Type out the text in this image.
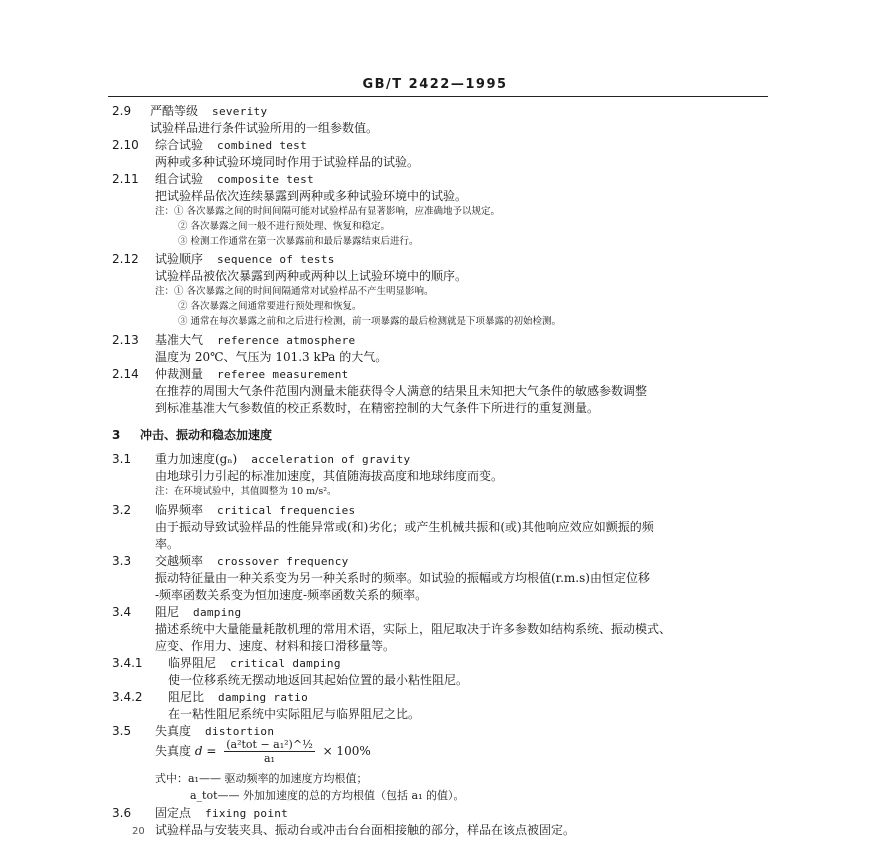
GB/T 2422—1995
2.9 严酷等级 severity
试验样品进行条件试验所用的一组参数值。
2.10 综合试验 combined test
两种或多种试验环境同时作用于试验样品的试验。
2.11 组合试验 composite test
把试验样品依次连续暴露到两种或多种试验环境中的试验。
注：① 各次暴露之间的时间间隔可能对试验样品有显著影响，应准确地予以规定。
② 各次暴露之间一般不进行预处理、恢复和稳定。
③ 检测工作通常在第一次暴露前和最后暴露结束后进行。
2.12 试验顺序 sequence of tests
试验样品被依次暴露到两种或两种以上试验环境中的顺序。
注：① 各次暴露之间的时间间隔通常对试验样品不产生明显影响。
② 各次暴露之间通常要进行预处理和恢复。
③ 通常在每次暴露之前和之后进行检测，前一项暴露的最后检测就是下项暴露的初始检测。
2.13 基准大气 reference atmosphere
温度为 20℃、气压为 101.3 kPa 的大气。
2.14 仲裁测量 referee measurement
在推荐的周围大气条件范围内测量未能获得令人满意的结果且未知把大气条件的敏感参数调整
到标准基准大气参数值的校正系数时，在精密控制的大气条件下所进行的重复测量。
3 冲击、振动和稳态加速度
3.1 重力加速度(gₙ) acceleration of gravity
由地球引力引起的标准加速度，其值随海拔高度和地球纬度而变。
注：在环境试验中，其值圆整为 10 m/s²。
3.2 临界频率 critical frequencies
由于振动导致试验样品的性能异常或(和)劣化；或产生机械共振和(或)其他响应效应如颤振的频
率。
3.3 交越频率 crossover frequency
振动特征量由一种关系变为另一种关系时的频率。如试验的振幅或方均根值(r.m.s)由恒定位移
-频率函数关系变为恒加速度-频率函数关系的频率。
3.4 阻尼 damping
描述系统中大量能量耗散机理的常用术语，实际上，阻尼取决于许多参数如结构系统、振动模式、
应变、作用力、速度、材料和接口滑移量等。
3.4.1 临界阻尼 critical damping
使一位移系统无摆动地返回其起始位置的最小粘性阻尼。
3.4.2 阻尼比 damping ratio
在一粘性阻尼系统中实际阻尼与临界阻尼之比。
3.5 失真度 distortion
失真度 $d = \frac{\text{(a²tot − a₁²)\textasciicircum{}½}}{\text{a₁}} \times 100\%$
式中：a₁—— 驱动频率的加速度方均根值；
a_tot—— 外加加速度的总的方均根值（包括 a₁ 的值）。
3.6 固定点 fixing point
试验样品与安装夹具、振动台或冲击台台面相接触的部分，样品在该点被固定。
20
